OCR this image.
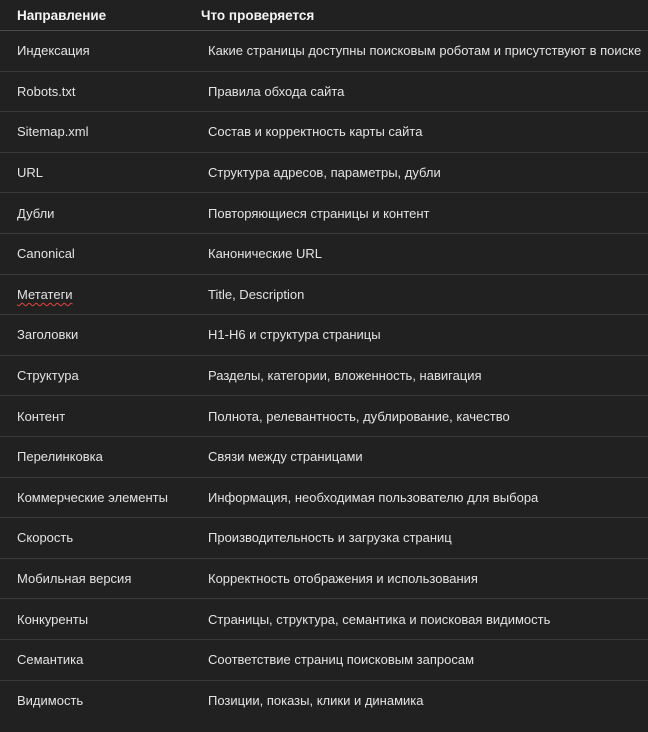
Направление	Что проверяется
Индексация	Какие страницы доступны поисковым роботам и присутствуют в поиске
Robots.txt	Правила обхода сайта
Sitemap.xml	Состав и корректность карты сайта
URL	Структура адресов, параметры, дубли
Дубли	Повторяющиеся страницы и контент
Canonical	Канонические URL
Метатеги	Title, Description
Заголовки	H1-H6 и структура страницы
Структура	Разделы, категории, вложенность, навигация
Контент	Полнота, релевантность, дублирование, качество
Перелинковка	Связи между страницами
Коммерческие элементы	Информация, необходимая пользователю для выбора
Скорость	Производительность и загрузка страниц
Мобильная версия	Корректность отображения и использования
Конкуренты	Страницы, структура, семантика и поисковая видимость
Семантика	Соответствие страниц поисковым запросам
Видимость	Позиции, показы, клики и динамика
